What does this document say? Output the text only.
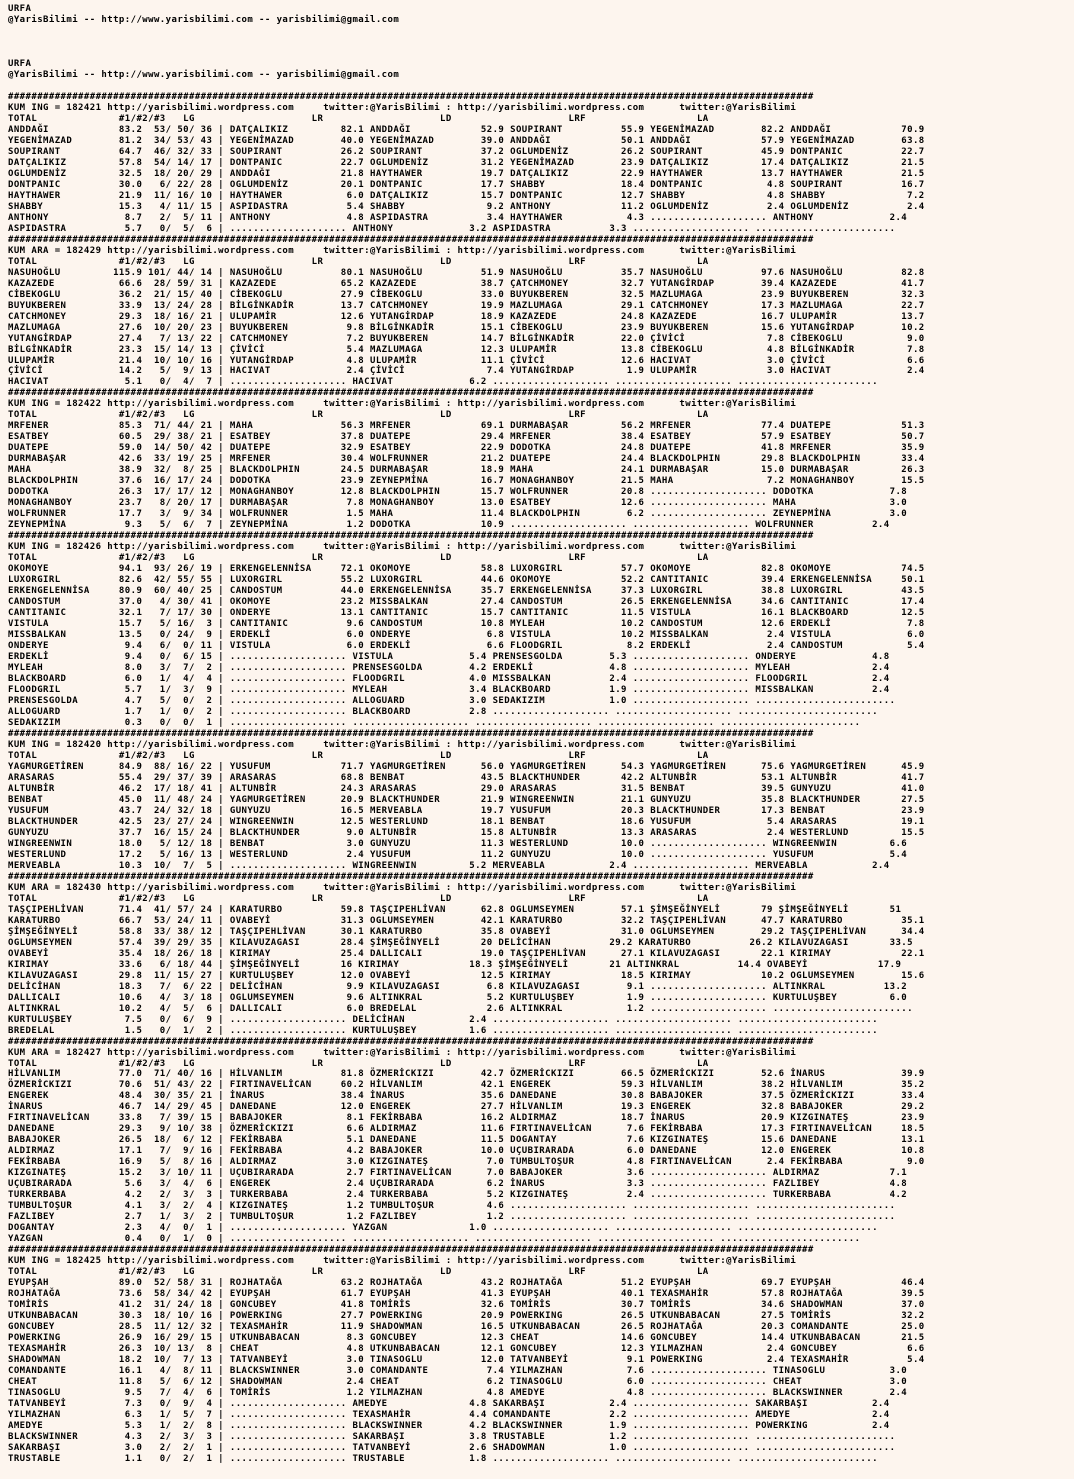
URFA
@YarisBilimi -- http://www.yarisbilimi.com -- yarisbilimi@gmail.com

URFA
@YarisBilimi -- http://www.yarisbilimi.com -- yarisbilimi@gmail.com

##########################################################################################################################################
KUM ING = 182421 http://yarisbilimi.wordpress.com     twitter:@YarisBilimi : http://yarisbilimi.wordpress.com      twitter:@YarisBilimi
TOTAL              #1/#2/#3   LG                    LR                    LD                    LRF                   LA
ANDDAĞI            83.2  53/ 50/ 36 | DATÇALIKIZ         82.1 ANDDAĞI            52.9 SOUPIRANT          55.9 YEGENİMAZAD        82.2 ANDDAĞI            70.9
YEGENİMAZAD        81.2  34/ 53/ 43 | YEGENİMAZAD        40.0 YEGENİMAZAD        39.0 ANDDAĞI            50.1 ANDDAĞI            57.9 YEGENİMAZAD        63.8
SOUPIRANT          64.7  46/ 32/ 33 | SOUPIRANT          26.2 SOUPIRANT          37.2 OGLUMDENİZ         26.2 SOUPIRANT          45.9 DONTPANIC          22.7
DATÇALIKIZ         57.8  54/ 14/ 17 | DONTPANIC          22.7 OGLUMDENİZ         31.2 YEGENİMAZAD        23.9 DATÇALIKIZ         17.4 DATÇALIKIZ         21.5
OGLUMDENİZ         32.5  18/ 20/ 29 | ANDDAĞI            21.8 HAYTHAWER          19.7 DATÇALIKIZ         22.9 HAYTHAWER          13.7 HAYTHAWER          21.5
DONTPANIC          30.0   6/ 22/ 28 | OGLUMDENİZ         20.1 DONTPANIC          17.7 SHABBY             18.4 DONTPANIC           4.8 SOUPIRANT          16.7
HAYTHAWER          21.9  11/ 16/ 10 | HAYTHAWER           6.0 DATÇALIKIZ         15.7 DONTPANIC          12.7 SHABBY              4.8 SHABBY              7.2
SHABBY             15.3   4/ 11/ 15 | ASPIDASTRA          5.4 SHABBY              9.2 ANTHONY            11.2 OGLUMDENİZ          2.4 OGLUMDENİZ          2.4
ANTHONY             8.7   2/  5/ 11 | ANTHONY             4.8 ASPIDASTRA          3.4 HAYTHAWER           4.3 .................... ANTHONY             2.4
ASPIDASTRA          5.7   0/  5/  6 | .................... ANTHONY             3.2 ASPIDASTRA          3.3 .................... ........................
##########################################################################################################################################
KUM ARA = 182429 http://yarisbilimi.wordpress.com     twitter:@YarisBilimi : http://yarisbilimi.wordpress.com      twitter:@YarisBilimi
TOTAL              #1/#2/#3   LG                    LR                    LD                    LRF                   LA
NASUHOĞLU         115.9 101/ 44/ 14 | NASUHOĞLU          80.1 NASUHOĞLU          51.9 NASUHOĞLU          35.7 NASUHOĞLU          97.6 NASUHOĞLU          82.8
KAZAZEDE           66.6  28/ 59/ 31 | KAZAZEDE           65.2 KAZAZEDE           38.7 ÇATCHMONEY         32.7 YUTANGİRDAP        39.4 KAZAZEDE           41.7
CİBEKOGLU          36.2  21/ 15/ 40 | CİBEKOGLU          27.9 CİBEKOGLU          33.0 BUYUKBEREN         32.5 MAZLUMAGA          23.9 BUYUKBEREN         32.3
BUYUKBEREN         33.9  13/ 24/ 28 | BİLGİNKADİR        13.7 CATCHMONEY         19.9 MAZLUMAGA          29.1 CATCHMONEY         17.3 MAZLUMAGA          22.7
CATCHMONEY         29.3  18/ 16/ 21 | ULUPAMİR           12.6 YUTANGİRDAP        18.9 KAZAZEDE           24.8 KAZAZEDE           16.7 ULUPAMİR           13.7
MAZLUMAGA          27.6  10/ 20/ 23 | BUYUKBEREN          9.8 BİLGİNKADİR        15.1 CİBEKOGLU          23.9 BUYUKBEREN         15.6 YUTANGİRDAP        10.2
YUTANGİRDAP        27.4   7/ 13/ 22 | CATCHMONEY          7.2 BUYUKBEREN         14.7 BİLGİNKADİR        22.0 ÇİVİCİ              7.8 CİBEKOGLU           9.0
BİLGİNKADİR        23.3  15/ 14/ 13 | ÇİVİCİ              5.4 MAZLUMAGA          12.3 ULUPAMİR           13.8 CİBEKOGLU           4.8 BİLGİNKADİR         7.8
ULUPAMİR           21.4  10/ 10/ 16 | YUTANGİRDAP         4.8 ULUPAMİR           11.1 ÇİVİCİ             12.6 HACIVAT             3.0 ÇİVİCİ              6.6
ÇİVİCİ             14.2   5/  9/ 13 | HACIVAT             2.4 ÇİVİCİ              7.4 YUTANGİRDAP         1.9 ULUPAMİR            3.0 HACIVAT             2.4
HACIVAT             5.1   0/  4/  7 | .................... HACIVAT             6.2 .................... .................... ........................
##########################################################################################################################################
KUM ING = 182422 http://yarisbilimi.wordpress.com     twitter:@YarisBilimi : http://yarisbilimi.wordpress.com      twitter:@YarisBilimi
TOTAL              #1/#2/#3   LG                    LR                    LD                    LRF                   LA
MRFENER            85.3  71/ 44/ 21 | MAHA               56.3 MRFENER            69.1 DURMABAŞAR         56.2 MRFENER            77.4 DUATEPE            51.3
ESATBEY            60.5  29/ 38/ 21 | ESATBEY            37.8 DUATEPE            29.4 MRFENER            38.4 ESATBEY            57.9 ESATBEY            50.7
DUATEPE            59.0  14/ 50/ 42 | DUATEPE            32.9 ESATBEY            22.9 DODOTKA            24.8 DUATEPE            41.8 MRFENER            35.9
DURMABAŞAR         42.6  33/ 19/ 25 | MRFENER            30.4 WOLFRUNNER         21.2 DUATEPE            24.4 BLACKDOLPHIN       29.8 BLACKDOLPHIN       33.4
MAHA               38.9  32/  8/ 25 | BLACKDOLPHIN       24.5 DURMABAŞAR         18.9 MAHA               24.1 DURMABAŞAR         15.0 DURMABAŞAR         26.3
BLACKDOLPHIN       37.6  16/ 17/ 24 | DODOTKA            23.9 ZEYNEPMİNA         16.7 MONAGHANBOY        21.5 MAHA                7.2 MONAGHANBOY        15.5
DODOTKA            26.3  17/ 17/ 12 | MONAGHANBOY        12.8 BLACKDOLPHIN       15.7 WOLFRUNNER         20.8 .................... DODOTKA             7.8
MONAGHANBOY        23.7   8/ 20/ 17 | DURMABAŞAR          7.8 MONAGHANBOY        13.0 ESATBEY            12.6 .................... MAHA                3.0
WOLFRUNNER         17.7   3/  9/ 34 | WOLFRUNNER          1.5 MAHA               11.4 BLACKDOLPHIN        6.2 .................... ZEYNEPMİNA          3.0
ZEYNEPMİNA          9.3   5/  6/  7 | ZEYNEPMİNA          1.2 DODOTKA            10.9 .................... .................... WOLFRUNNER          2.4
##########################################################################################################################################
KUM ING = 182426 http://yarisbilimi.wordpress.com     twitter:@YarisBilimi : http://yarisbilimi.wordpress.com      twitter:@YarisBilimi
TOTAL              #1/#2/#3   LG                    LR                    LD                    LRF                   LA
OKOMOYE            94.1  93/ 26/ 19 | ERKENGELENNİSA     72.1 OKOMOYE            58.8 LUXORGIRL          57.7 OKOMOYE            82.8 OKOMOYE            74.5
LUXORGIRL          82.6  42/ 55/ 55 | LUXORGIRL          55.2 LUXORGIRL          44.6 OKOMOYE            52.2 CANTITANIC         39.4 ERKENGELENNİSA     50.1
ERKENGELENNİSA     80.9  60/ 40/ 25 | CANDOSTUM          44.0 ERKENGELENNİSA     35.7 ERKENGELENNİSA     37.3 LUXORGIRL          38.8 LUXORGIRL          43.5
CANDOSTUM          37.0   4/ 30/ 41 | OKOMOYE            23.2 MISSBALKAN         27.4 CANDOSTUM          26.5 ERKENGELENNİSA     34.6 CANTITANIC         17.4
CANTITANIC         32.1   7/ 17/ 30 | ONDERYE            13.1 CANTITANIC         15.7 CANTITANIC         11.5 VISTULA            16.1 BLACKBOARD         12.5
VISTULA            15.7   5/ 16/  3 | CANTITANIC          9.6 CANDOSTUM          10.8 MYLEAH             10.2 CANDOSTUM          12.6 ERDEKLİ             7.8
MISSBALKAN         13.5   0/ 24/  9 | ERDEKLİ             6.0 ONDERYE             6.8 VISTULA            10.2 MISSBALKAN          2.4 VISTULA             6.0
ONDERYE             9.4   6/  0/ 11 | VISTULA             6.0 ERDEKLİ             6.6 FLOODGRIL           8.2 ERDEKLİ             2.4 CANDOSTUM           5.4
ERDEKLİ             9.4   0/  6/ 15 | .................... VISTULA             5.4 PRENSESGOLDA        5.3 .................... ONDERYE             4.8
MYLEAH              8.0   3/  7/  2 | .................... PRENSESGOLDA        4.2 ERDEKLİ             4.8 .................... MYLEAH              2.4
BLACKBOARD          6.0   1/  4/  4 | .................... FLOODGRIL           4.0 MISSBALKAN          2.4 .................... FLOODGRIL           2.4
FLOODGRIL           5.7   1/  3/  9 | .................... MYLEAH              3.4 BLACKBOARD          1.9 .................... MISSBALKAN          2.4
PRENSESGOLDA        4.7   5/  0/  2 | .................... ALLOGUARD           3.0 SEDAKIZIM           1.0 .................... ........................
ALLOGUARD           1.7   1/  0/  2 | .................... BLACKBOARD          2.8 .................... .................... ........................
SEDAKIZIM           0.3   0/  0/  1 | .................... .................... .................... .................... ........................
##########################################################################################################################################
KUM ING = 182420 http://yarisbilimi.wordpress.com     twitter:@YarisBilimi : http://yarisbilimi.wordpress.com      twitter:@YarisBilimi
TOTAL              #1/#2/#3   LG                    LR                    LD                    LRF                   LA
YAGMURGETİREN      84.9  88/ 16/ 22 | YUSUFUM            71.7 YAGMURGETİREN      56.0 YAGMURGETİREN      54.3 YAGMURGETİREN      75.6 YAGMURGETİREN      45.9
ARASARAS           55.4  29/ 37/ 39 | ARASARAS           68.8 BENBAT             43.5 BLACKTHUNDER       42.2 ALTUNBİR           53.1 ALTUNBİR           41.7
ALTUNBİR           46.2  17/ 18/ 41 | ALTUNBİR           24.3 ARASARAS           29.0 ARASARAS           31.5 BENBAT             39.5 GUNYUZU            41.0
BENBAT             45.0  11/ 48/ 24 | YAGMURGETİREN      20.9 BLACKTHUNDER       21.9 WINGREENWIN        21.1 GUNYUZU            35.8 BLACKTHUNDER       27.5
YUSUFUM            43.7  24/ 32/ 18 | GUNYUZU            16.5 MERVEABLA          19.7 YUSUFUM            20.3 BLACKTHUNDER       17.3 BENBAT             23.9
BLACKTHUNDER       42.5  23/ 27/ 24 | WINGREENWIN        12.5 WESTERLUND         18.1 BENBAT             18.6 YUSUFUM             5.4 ARASARAS           19.1
GUNYUZU            37.7  16/ 15/ 24 | BLACKTHUNDER        9.0 ALTUNBİR           15.8 ALTUNBİR           13.3 ARASARAS            2.4 WESTERLUND         15.5
WINGREENWIN        18.0   5/ 12/ 18 | BENBAT              3.0 GUNYUZU            11.3 WESTERLUND         10.0 .................... WINGREENWIN         6.6
WESTERLUND         17.2   5/ 16/ 13 | WESTERLUND          2.4 YUSUFUM            11.2 GUNYUZU            10.0 .................... YUSUFUM             5.4
MERVEABLA          10.3  10/  7/  5 | .................... WINGREENWIN         5.2 MERVEABLA           2.4 .................... MERVEABLA           2.4
##########################################################################################################################################
KUM ARA = 182430 http://yarisbilimi.wordpress.com     twitter:@YarisBilimi : http://yarisbilimi.wordpress.com      twitter:@YarisBilimi
TOTAL              #1/#2/#3   LG                    LR                    LD                    LRF                   LA
TAŞÇIPEHLİVAN      71.4  41/ 57/ 24 | KARATURBO          59.8 TAŞÇIPEHLİVAN      62.8 OGLUMSEYMEN        57.1 ŞİMŞEĞİNYELİ       79 ŞİMŞEĞİNYELİ       51
KARATURBO          66.7  53/ 24/ 11 | OVABEYİ            31.3 OGLUMSEYMEN        42.1 KARATURBO          32.2 TAŞÇIPEHLİVAN      47.7 KARATURBO          35.1
ŞİMŞEĞİNYELİ       58.8  33/ 38/ 12 | TAŞÇIPEHLİVAN      30.1 KARATURBO          35.8 OVABEYİ            31.0 OGLUMSEYMEN        29.2 TAŞÇIPEHLİVAN      34.4
OGLUMSEYMEN        57.4  39/ 29/ 35 | KILAVUZAGASI       28.4 ŞİMŞEĞİNYELİ       20 DELİCİHAN          29.2 KARATURBO          26.2 KILAVUZAGASI       33.5
OVABEYİ            35.4  18/ 26/ 18 | KIRIMAY            25.4 DALLICALI          19.0 TAŞÇIPEHLİVAN      27.1 KILAVUZAGASI       22.1 KIRIMAY            22.1
KIRIMAY            33.6   6/ 18/ 44 | ŞİMŞEĞİNYELİ       16 KIRIMAY            18.3 ŞİMŞEĞİNYELİ       21 ALTINKRAL          14.4 OVABEYİ            17.9
KILAVUZAGASI       29.8  11/ 15/ 27 | KURTULUŞBEY        12.0 OVABEYİ            12.5 KIRIMAY            18.5 KIRIMAY            10.2 OGLUMSEYMEN        15.6
DELİCİHAN          18.3   7/  6/ 22 | DELİCİHAN           9.9 KILAVUZAGASI        6.8 KILAVUZAGASI        9.1 .................... ALTINKRAL          13.2
DALLICALI          10.6   4/  3/ 18 | OGLUMSEYMEN         9.6 ALTINKRAL           5.2 KURTULUŞBEY         1.9 .................... KURTULUŞBEY         6.0
ALTINKRAL          10.2   4/  5/  6 | DALLICALI           6.0 BREDELAL            2.6 ALTINKRAL           1.2 .................... ........................
KURTULUŞBEY         7.5   0/  6/  9 | .................... DELİCİHAN           2.4 .................... .................... ........................
BREDELAL            1.5   0/  1/  2 | .................... KURTULUŞBEY         1.6 .................... .................... ........................
##########################################################################################################################################
KUM ARA = 182427 http://yarisbilimi.wordpress.com     twitter:@YarisBilimi : http://yarisbilimi.wordpress.com      twitter:@YarisBilimi
TOTAL              #1/#2/#3   LG                    LR                    LD                    LRF                   LA
HİLVANLIM          77.0  71/ 40/ 16 | HİLVANLIM          81.8 ÖZMERİCKIZI        42.7 ÖZMERİCKIZI        66.5 ÖZMERİCKIZI        52.6 İNARUS             39.9
ÖZMERİCKIZI        70.6  51/ 43/ 22 | FIRTINAVELİCAN     60.2 HİLVANLIM          42.1 ENGEREK            59.3 HİLVANLIM          38.2 HİLVANLIM          35.2
ENGEREK            48.4  30/ 35/ 21 | İNARUS             38.4 İNARUS             35.6 DANEDANE           30.8 BABAJOKER          37.5 ÖZMERİCKIZI        33.4
İNARUS             46.7  14/ 29/ 45 | DANEDANE           12.0 ENGEREK            27.7 HİLVANLIM          19.3 ENGEREK            32.8 BABAJOKER          29.2
FIRTINAVELİCAN     33.8   7/ 39/ 15 | BABAJOKER           8.1 FEKİRBABA          16.2 ALDIRMAZ           18.7 İNARUS             20.9 KIZGINATEŞ         23.9
DANEDANE           29.3   9/ 10/ 38 | ÖZMERİCKIZI         6.6 ALDIRMAZ           11.6 FIRTINAVELİCAN      7.6 FEKİRBABA          17.3 FIRTINAVELİCAN     18.5
BABAJOKER          26.5  18/  6/ 12 | FEKİRBABA           5.1 DANEDANE           11.5 DOGANTAY            7.6 KIZGINATEŞ         15.6 DANEDANE           13.1
ALDIRMAZ           17.1   7/  9/ 16 | FEKİRBABA           4.2 BABAJOKER          10.0 UÇUBIRARADA         6.0 DANEDANE           12.0 ENGEREK            10.8
FEKİRBABA          16.9   5/  8/ 16 | ALDIRMAZ            3.0 KIZGINATEŞ          7.0 TUMBULTOŞUR         4.8 FIRTINAVELİCAN      2.4 FEKİRBABA           9.0
KIZGINATEŞ         15.2   3/ 10/ 11 | UÇUBIRARADA         2.7 FIRTINAVELİCAN      7.0 BABAJOKER           3.6 .................... ALDIRMAZ            7.1
UÇUBIRARADA         5.6   3/  4/  6 | ENGEREK             2.4 UÇUBIRARADA         6.2 İNARUS              3.3 .................... FAZLIBEY            4.8
TURKERBABA          4.2   2/  3/  3 | TURKERBABA          2.4 TURKERBABA          5.2 KIZGINATEŞ          2.4 .................... TURKERBABA          4.2
TUMBULTOŞUR         4.1   3/  2/  4 | KIZGINATEŞ          1.2 TUMBULTOŞUR         4.6 .................... .................... ........................
FAZLIBEY            2.7   1/  3/  2 | TUMBULTOŞUR         1.2 FAZLIBEY            1.2 .................... .................... ........................
DOGANTAY            2.3   4/  0/  1 | .................... YAZGAN              1.0 .................... .................... ........................
YAZGAN              0.4   0/  1/  0 | .................... .................... .................... .................... ........................
##########################################################################################################################################
KUM ING = 182425 http://yarisbilimi.wordpress.com     twitter:@YarisBilimi : http://yarisbilimi.wordpress.com      twitter:@YarisBilimi
TOTAL              #1/#2/#3   LG                    LR                    LD                    LRF                   LA
EYUPŞAH            89.0  52/ 58/ 31 | ROJHATAĞA          63.2 ROJHATAĞA          43.2 ROJHATAĞA          51.2 EYUPŞAH            69.7 EYUPŞAH            46.4
ROJHATAĞA          73.6  58/ 34/ 42 | EYUPŞAH            61.7 EYUPŞAH            41.3 EYUPŞAH            40.1 TEXASMAHİR         57.8 ROJHATAĞA          39.5
TOMİRİS            41.2  31/ 24/ 18 | GONCUBEY           41.8 TOMİRİS            32.6 TOMİRİS            30.7 TOMİRİS            34.6 SHADOWMAN          37.0
UTKUNBABACAN       30.3  18/ 10/ 16 | POWERKING          27.7 POWERKING          20.9 POWERKING          26.5 UTKUNBABACAN       27.5 TOMİRİS            32.2
GONCUBEY           28.5  11/ 12/ 32 | TEXASMAHİR         11.9 SHADOWMAN          16.5 UTKUNBABACAN       26.5 ROJHATAĞA          20.3 COMANDANTE         25.0
POWERKING          26.9  16/ 29/ 15 | UTKUNBABACAN        8.3 GONCUBEY           12.3 CHEAT              14.6 GONCUBEY           14.4 UTKUNBABACAN       21.5
TEXASMAHİR         26.3  10/ 13/  8 | CHEAT               4.8 UTKUNBABACAN       12.1 GONCUBEY           12.3 YILMAZHAN           2.4 GONCUBEY            6.6
SHADOWMAN          18.2  10/  7/ 13 | TATVANBEYİ          3.0 TINASOGLU          12.0 TATVANBEYİ          9.1 POWERKING           2.4 TEXASMAHİR          5.4
COMANDANTE         16.1   4/  8/ 11 | BLACKSWINNER        3.0 COMANDANTE          7.4 YILMAZHAN           7.6 .................... TINASOGLU           3.0
CHEAT              11.8   5/  6/ 12 | SHADOWMAN           2.4 CHEAT               6.2 TINASOGLU           6.0 .................... CHEAT               3.0
TINASOGLU           9.5   7/  4/  6 | TOMİRİS             1.2 YILMAZHAN           4.8 AMEDYE              4.8 .................... BLACKSWINNER        2.4
TATVANBEYİ          7.3   0/  9/  4 | .................... AMEDYE              4.8 SAKARBAŞI           2.4 .................... SAKARBAŞI           2.4
YILMAZHAN           6.3   1/  5/  7 | .................... TEXASMAHİR          4.4 COMANDANTE          2.2 .................... AMEDYE              2.4
AMEDYE              5.3   1/  2/  8 | .................... BLACKSWINNER        4.2 BLACKSWINNER        1.9 .................... POWERKING           2.4
BLACKSWINNER        4.3   2/  3/  3 | .................... SAKARBAŞI           3.8 TRUSTABLE           1.2 .................... ........................
SAKARBAŞI           3.0   2/  2/  1 | .................... TATVANBEYİ          2.6 SHADOWMAN           1.0 .................... ........................
TRUSTABLE           1.1   0/  2/  1 | .................... TRUSTABLE           1.8 .................... .................... ........................
